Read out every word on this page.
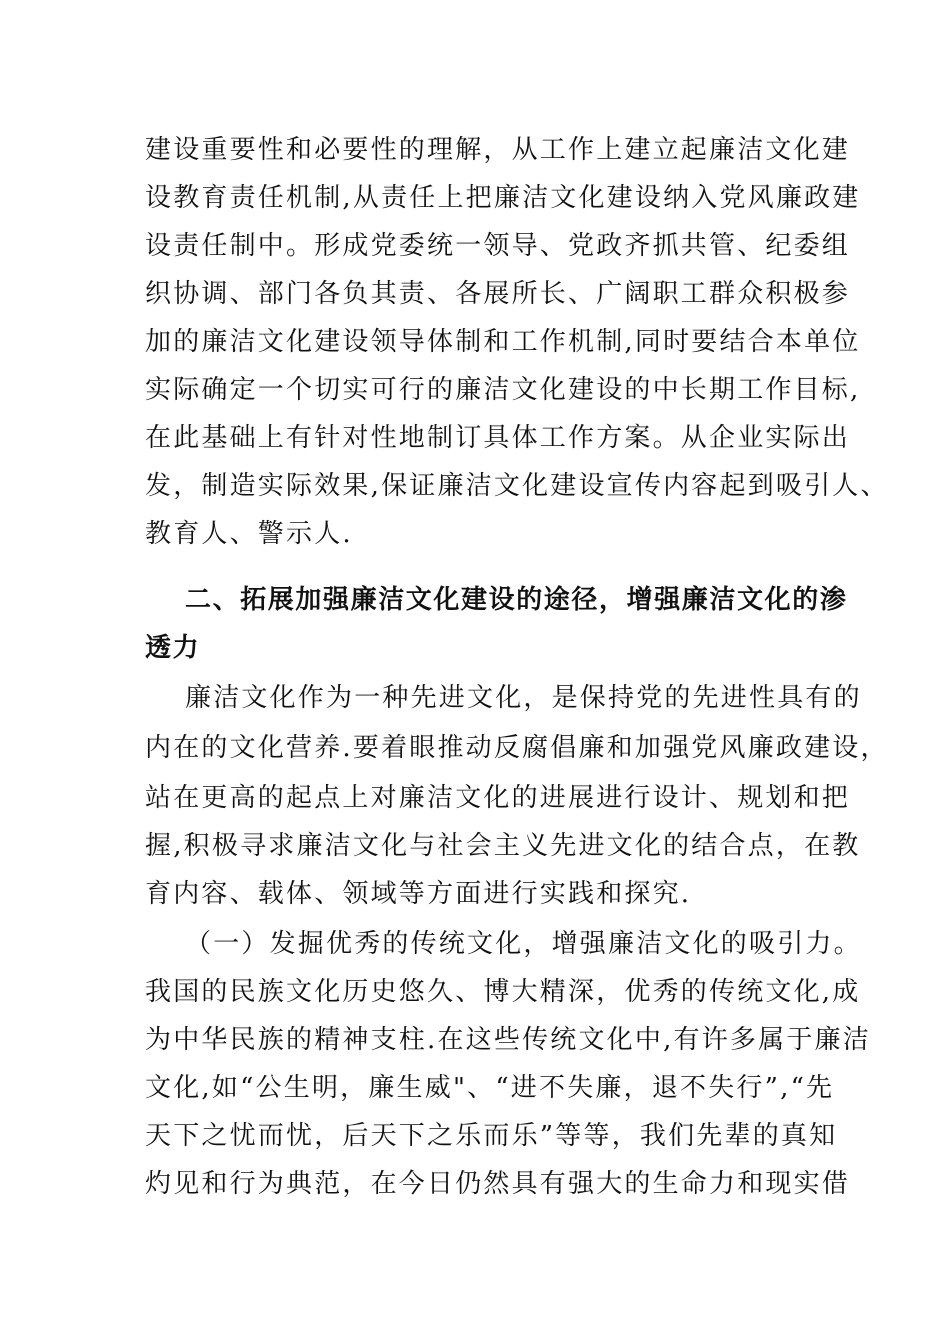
建设重要性和必要性的理解，从工作上建立起廉洁文化建
设教育责任机制,从责任上把廉洁文化建设纳入党风廉政建
设责任制中。形成党委统一领导、党政齐抓共管、纪委组
织协调、部门各负其责、各展所长、广阔职工群众积极参
加的廉洁文化建设领导体制和工作机制,同时要结合本单位
实际确定一个切实可行的廉洁文化建设的中长期工作目标,
在此基础上有针对性地制订具体工作方案。从企业实际出
发，制造实际效果,保证廉洁文化建设宣传内容起到吸引人、
教育人、警示人.
二、拓展加强廉洁文化建设的途径，增强廉洁文化的渗
透力
廉洁文化作为一种先进文化，是保持党的先进性具有的
内在的文化营养.要着眼推动反腐倡廉和加强党风廉政建设，
站在更高的起点上对廉洁文化的进展进行设计、规划和把
握,积极寻求廉洁文化与社会主义先进文化的结合点，在教
育内容、载体、领域等方面进行实践和探究.
（一）发掘优秀的传统文化，增强廉洁文化的吸引力。
我国的民族文化历史悠久、博大精深，优秀的传统文化,成
为中华民族的精神支柱.在这些传统文化中,有许多属于廉洁
文化,如“公生明，廉生威"、“进不失廉，退不失行”,“先
天下之忧而忧，后天下之乐而乐”等等，我们先辈的真知
灼见和行为典范，在今日仍然具有强大的生命力和现实借
